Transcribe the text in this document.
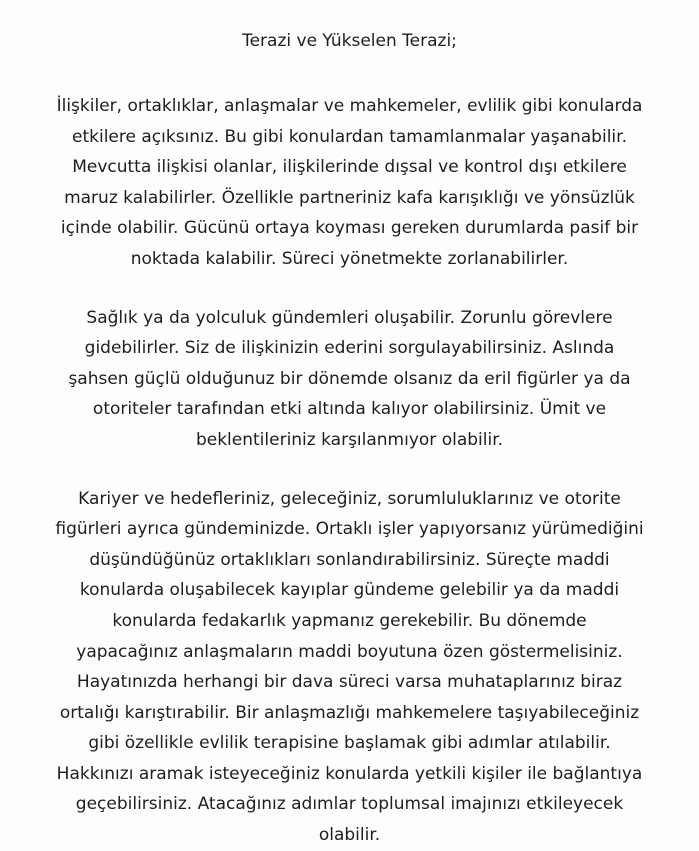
Terazi ve Yükselen Terazi;
İlişkiler, ortaklıklar, anlaşmalar ve mahkemeler, evlilik gibi konularda
etkilere açıksınız. Bu gibi konulardan tamamlanmalar yaşanabilir.
Mevcutta ilişkisi olanlar, ilişkilerinde dışsal ve kontrol dışı etkilere
maruz kalabilirler. Özellikle partneriniz kafa karışıklığı ve yönsüzlük
içinde olabilir. Gücünü ortaya koyması gereken durumlarda pasif bir
noktada kalabilir. Süreci yönetmekte zorlanabilirler.
Sağlık ya da yolculuk gündemleri oluşabilir. Zorunlu görevlere
gidebilirler. Siz de ilişkinizin ederini sorgulayabilirsiniz. Aslında
şahsen güçlü olduğunuz bir dönemde olsanız da eril figürler ya da
otoriteler tarafından etki altında kalıyor olabilirsiniz. Ümit ve
beklentileriniz karşılanmıyor olabilir.
Kariyer ve hedefleriniz, geleceğiniz, sorumluluklarınız ve otorite
figürleri ayrıca gündeminizde. Ortaklı işler yapıyorsanız yürümediğini
düşündüğünüz ortaklıkları sonlandırabilirsiniz. Süreçte maddi
konularda oluşabilecek kayıplar gündeme gelebilir ya da maddi
konularda fedakarlık yapmanız gerekebilir. Bu dönemde
yapacağınız anlaşmaların maddi boyutuna özen göstermelisiniz.
Hayatınızda herhangi bir dava süreci varsa muhataplarınız biraz
ortalığı karıştırabilir. Bir anlaşmazlığı mahkemelere taşıyabileceğiniz
gibi özellikle evlilik terapisine başlamak gibi adımlar atılabilir.
Hakkınızı aramak isteyeceğiniz konularda yetkili kişiler ile bağlantıya
geçebilirsiniz. Atacağınız adımlar toplumsal imajınızı etkileyecek
olabilir.
